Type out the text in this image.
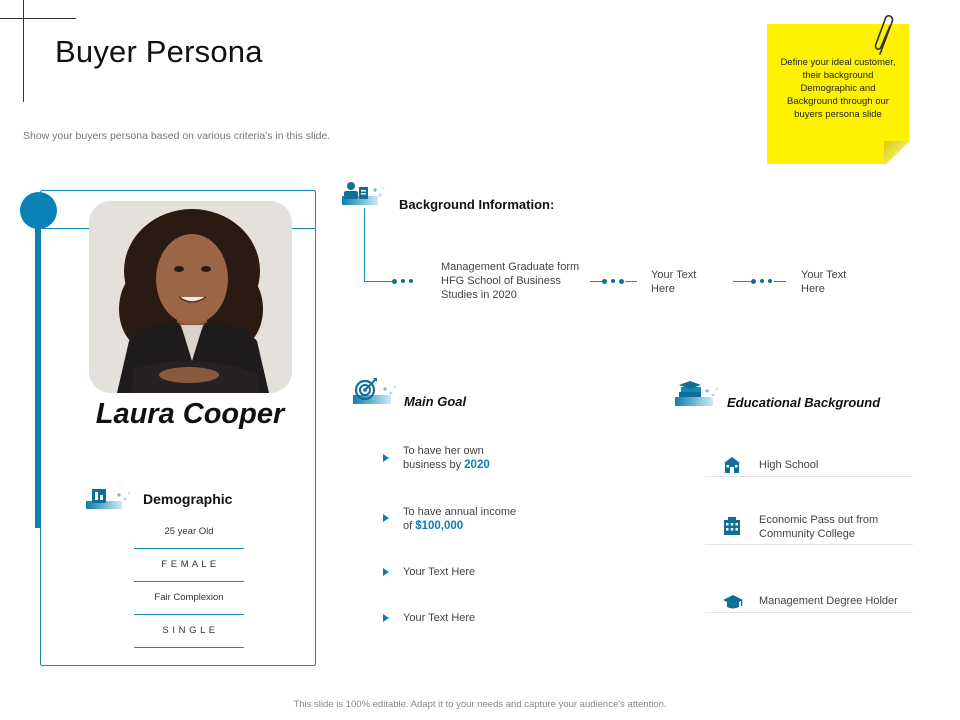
Buyer Persona
Show your buyers persona based on various criteria's in this slide.
Define your ideal customer, their background Demographic and Background through our buyers persona slide
Laura Cooper
Demographic
25 year Old
F E M A L E
Fair Complexion
S I N G L E
Background Information:
Management Graduate form HFG School of Business Studies in 2020
Your Text Here
Your Text Here
Main Goal
To have her own business by 2020
To have annual income of $100,000
Your Text Here
Your Text Here
Educational Background
High School
Economic Pass out from Community College
Management Degree Holder
This slide is 100% editable. Adapt it to your needs and capture your audience's attention.
